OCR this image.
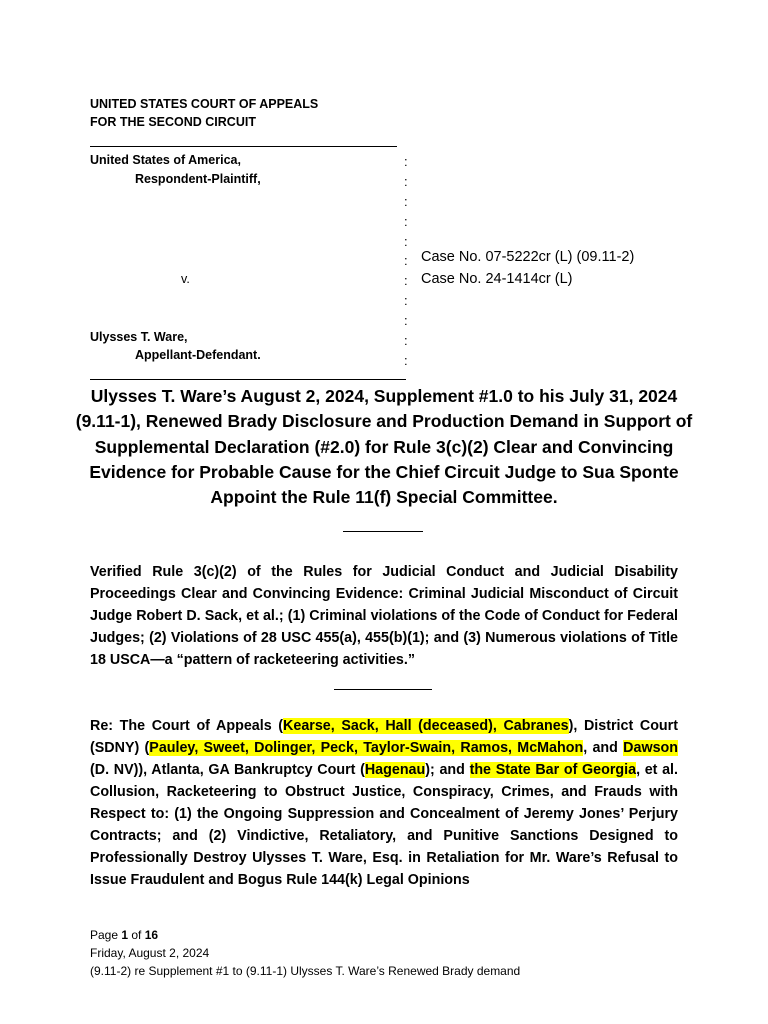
UNITED STATES COURT OF APPEALS
FOR THE SECOND CIRCUIT
United States of America,
Respondent-Plaintiff,
v.
Ulysses T. Ware,
Appellant-Defendant.
:
:
:
:
:
:
:
:
:
:
:
Case No. 07-5222cr (L) (09.11-2)
Case No. 24-1414cr (L)
Ulysses T. Ware’s August 2, 2024, Supplement #1.0 to his July 31, 2024 (9.11-1), Renewed Brady Disclosure and Production Demand in Support of Supplemental Declaration (#2.0) for Rule 3(c)(2) Clear and Convincing Evidence for Probable Cause for the Chief Circuit Judge to Sua Sponte Appoint the Rule 11(f) Special Committee.
Verified Rule 3(c)(2) of the Rules for Judicial Conduct and Judicial Disability Proceedings Clear and Convincing Evidence: Criminal Judicial Misconduct of Circuit Judge Robert D. Sack, et al.; (1) Criminal violations of the Code of Conduct for Federal Judges; (2) Violations of 28 USC 455(a), 455(b)(1); and (3) Numerous violations of Title 18 USCA—a “pattern of racketeering activities.”
Re: The Court of Appeals (Kearse, Sack, Hall (deceased), Cabranes), District Court (SDNY) (Pauley, Sweet, Dolinger, Peck, Taylor-Swain, Ramos, McMahon, and Dawson (D. NV)), Atlanta, GA Bankruptcy Court (Hagenau); and the State Bar of Georgia, et al. Collusion, Racketeering to Obstruct Justice, Conspiracy, Crimes, and Frauds with Respect to: (1) the Ongoing Suppression and Concealment of Jeremy Jones’ Perjury Contracts; and (2) Vindictive, Retaliatory, and Punitive Sanctions Designed to Professionally Destroy Ulysses T. Ware, Esq. in Retaliation for Mr. Ware’s Refusal to Issue Fraudulent and Bogus Rule 144(k) Legal Opinions
Page 1 of 16
Friday, August 2, 2024
(9.11-2) re Supplement #1 to (9.11-1) Ulysses T. Ware’s Renewed Brady demand
